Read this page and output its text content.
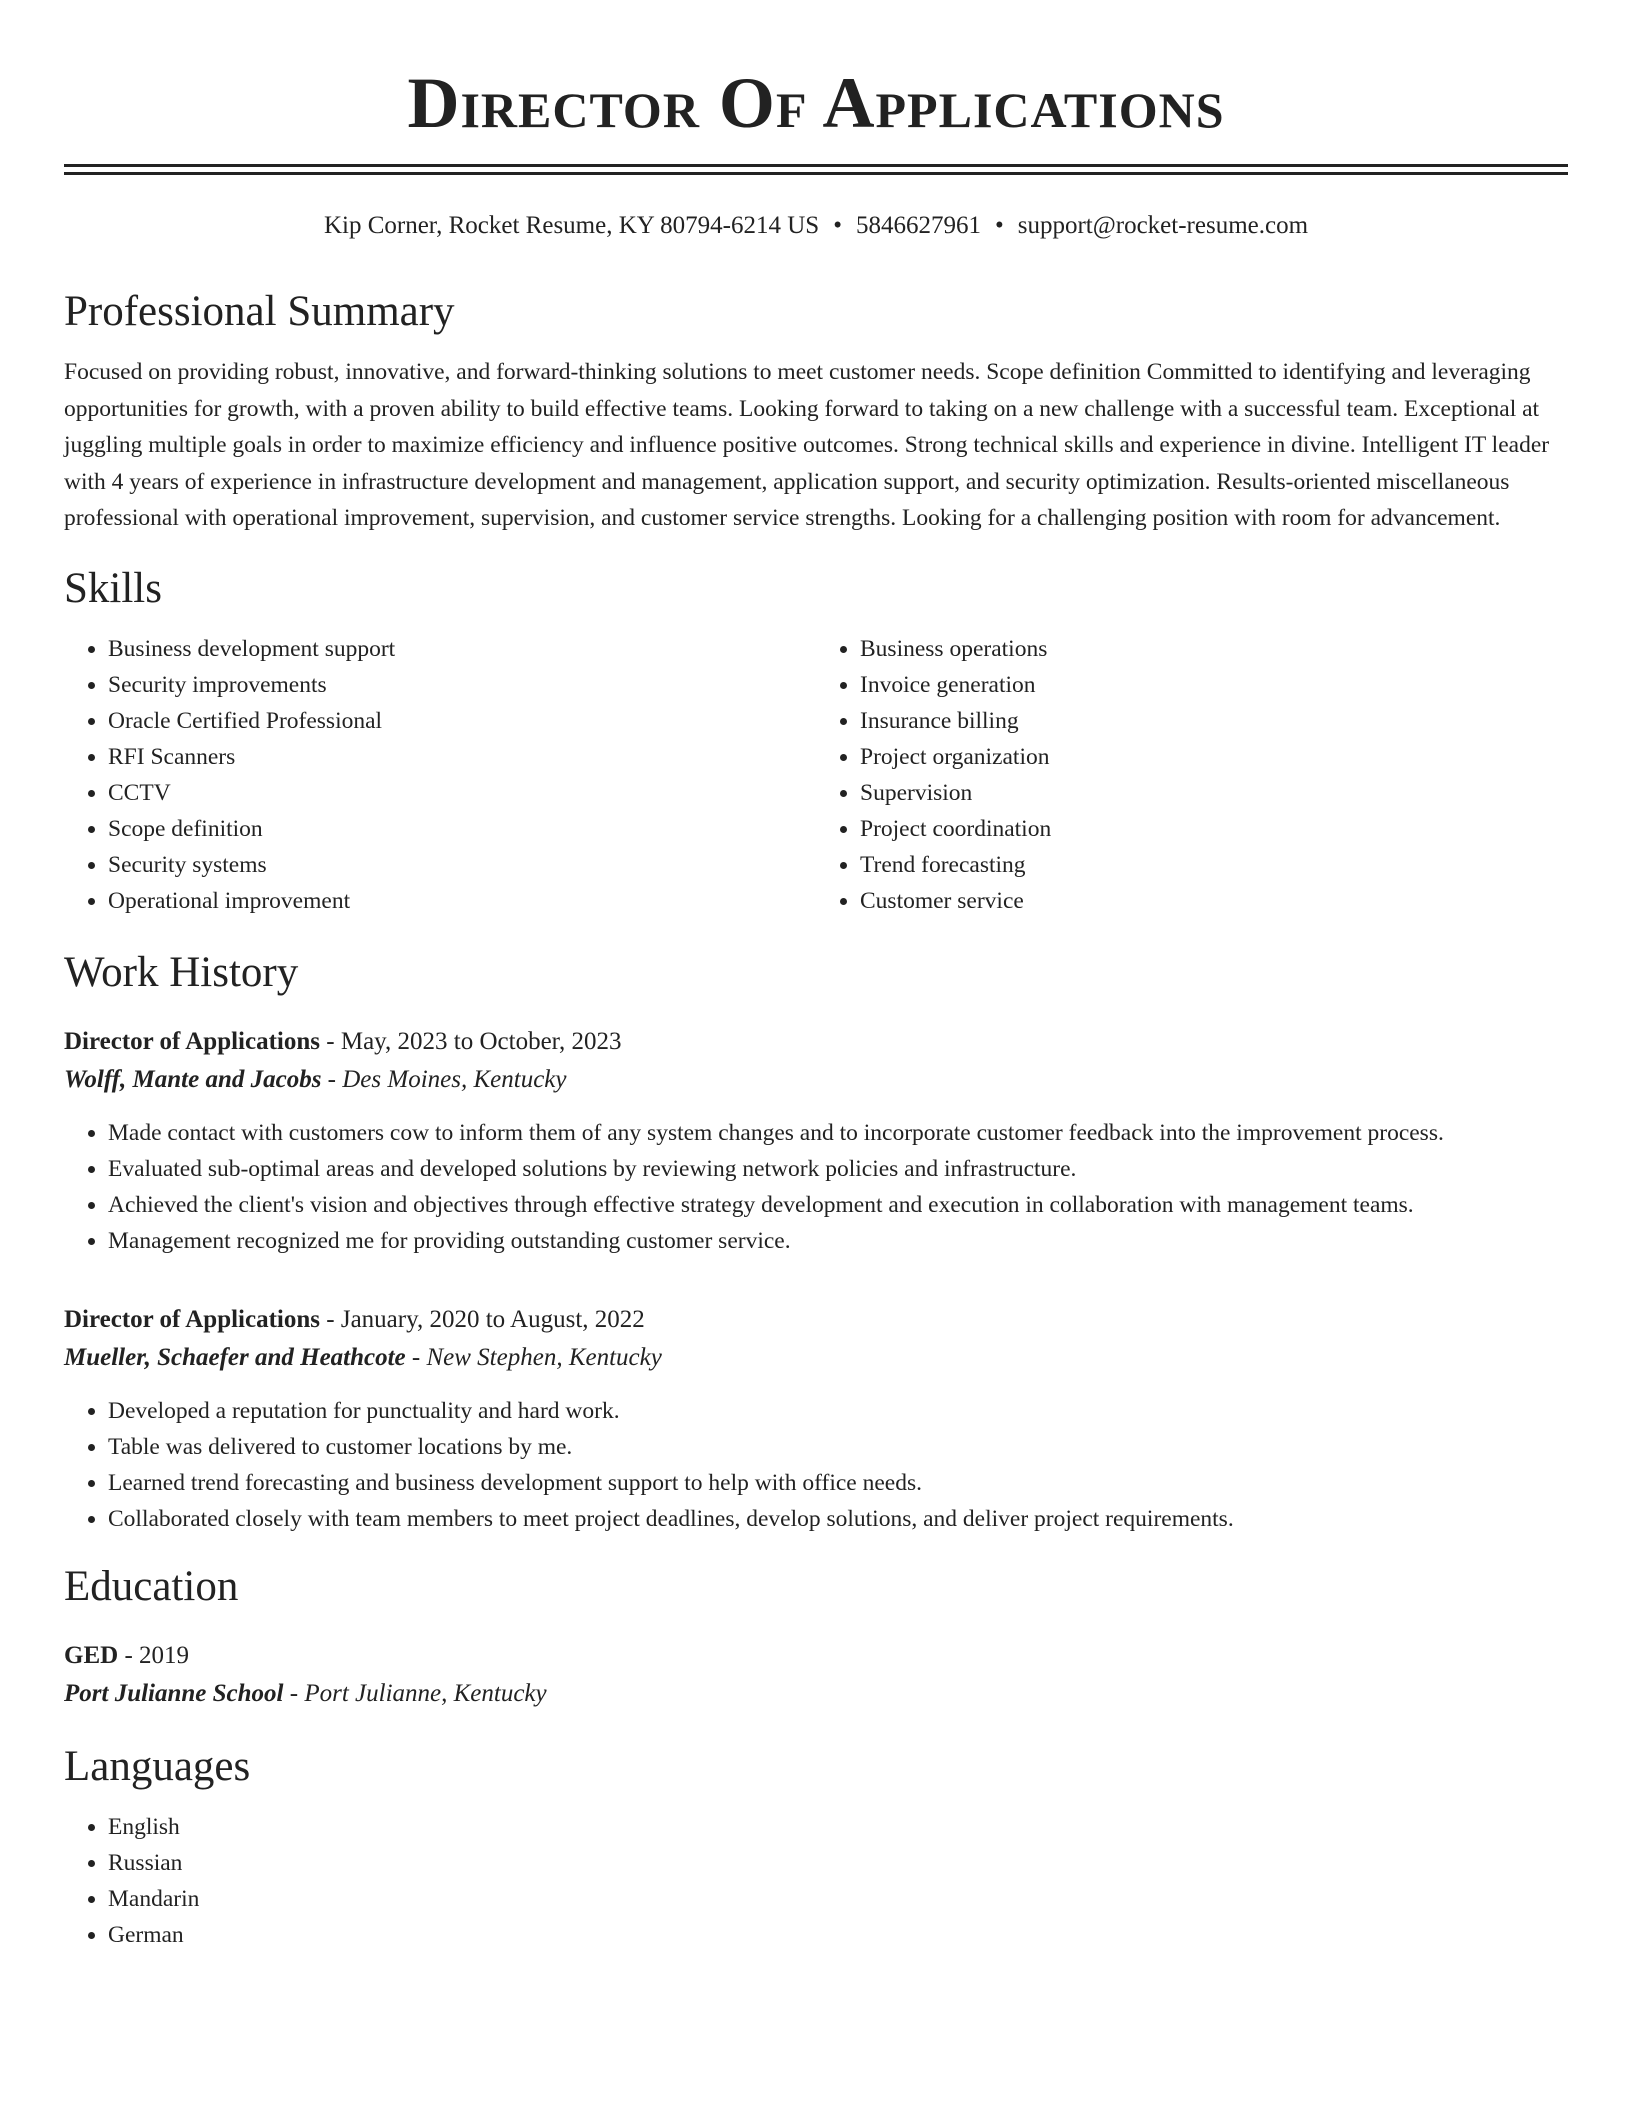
Director Of Applications
Kip Corner, Rocket Resume, KY 80794-6214 US • 5846627961 • support@rocket-resume.com
Professional Summary

Focused on providing robust, innovative, and forward-thinking solutions to meet customer needs. Scope definition Committed to identifying and leveraging opportunities for growth, with a proven ability to build effective teams. Looking forward to taking on a new challenge with a successful team. Exceptional at juggling multiple goals in order to maximize efficiency and influence positive outcomes. Strong technical skills and experience in divine. Intelligent IT leader with 4 years of experience in infrastructure development and management, application support, and security optimization. Results-oriented miscellaneous professional with operational improvement, supervision, and customer service strengths. Looking for a challenging position with room for advancement.

Skills
• Business development support
• Security improvements
• Oracle Certified Professional
• RFI Scanners
• CCTV
• Scope definition
• Security systems
• Operational improvement
• Business operations
• Invoice generation
• Insurance billing
• Project organization
• Supervision
• Project coordination
• Trend forecasting
• Customer service
Work History
Director of Applications - May, 2023 to October, 2023
Wolff, Mante and Jacobs - Des Moines, Kentucky
• Made contact with customers cow to inform them of any system changes and to incorporate customer feedback into the improvement process.
• Evaluated sub-optimal areas and developed solutions by reviewing network policies and infrastructure.
• Achieved the client's vision and objectives through effective strategy development and execution in collaboration with management teams.
• Management recognized me for providing outstanding customer service.
Director of Applications - January, 2020 to August, 2022
Mueller, Schaefer and Heathcote - New Stephen, Kentucky
• Developed a reputation for punctuality and hard work.
• Table was delivered to customer locations by me.
• Learned trend forecasting and business development support to help with office needs.
• Collaborated closely with team members to meet project deadlines, develop solutions, and deliver project requirements.
Education
GED - 2019
Port Julianne School - Port Julianne, Kentucky
Languages
• English
• Russian
• Mandarin
• German
